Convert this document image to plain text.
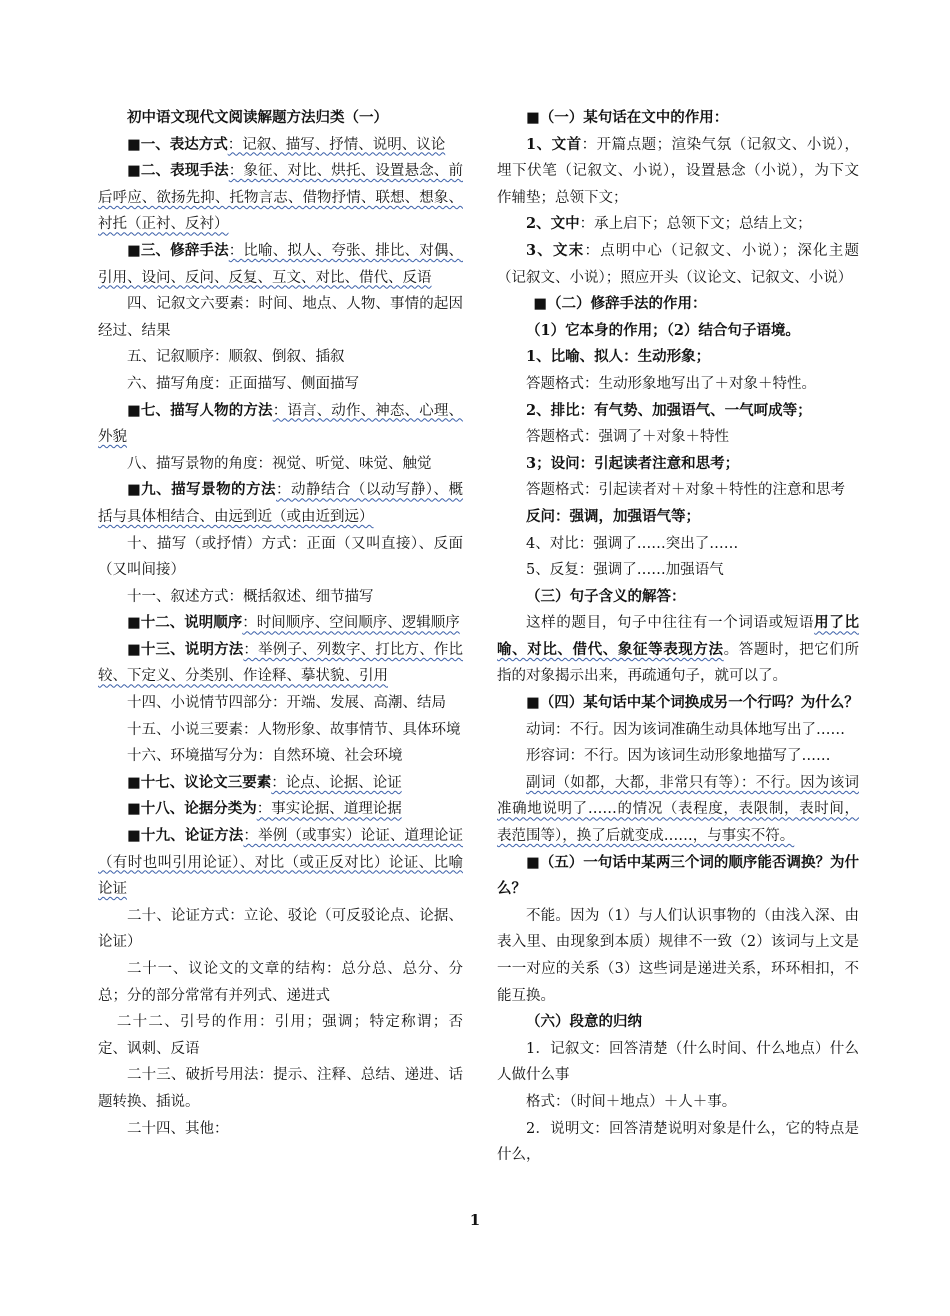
初中语文现代文阅读解题方法归类（一）

■一、表达方式：记叙、描写、抒情、说明、议论

■二、表现手法：象征、对比、烘托、设置悬念、前后呼应、欲扬先抑、托物言志、借物抒情、联想、想象、衬托（正衬、反衬）

■三、修辞手法：比喻、拟人、夸张、排比、对偶、引用、设问、反问、反复、互文、对比、借代、反语

四、记叙文六要素：时间、地点、人物、事情的起因经过、结果

五、记叙顺序：顺叙、倒叙、插叙

六、描写角度：正面描写、侧面描写

■七、描写人物的方法：语言、动作、神态、心理、外貌

八、描写景物的角度：视觉、听觉、味觉、触觉

■九、描写景物的方法：动静结合（以动写静）、概括与具体相结合、由远到近（或由近到远）

十、描写（或抒情）方式：正面（又叫直接）、反面（又叫间接）

十一、叙述方式：概括叙述、细节描写

■十二、说明顺序：时间顺序、空间顺序、逻辑顺序

■十三、说明方法：举例子、列数字、打比方、作比较、下定义、分类别、作诠释、摹状貌、引用

十四、小说情节四部分：开端、发展、高潮、结局

十五、小说三要素：人物形象、故事情节、具体环境

十六、环境描写分为：自然环境、社会环境

■十七、议论文三要素：论点、论据、论证

■十八、论据分类为：事实论据、道理论据

■十九、论证方法：举例（或事实）论证、道理论证（有时也叫引用论证）、对比（或正反对比）论证、比喻论证

二十、论证方式：立论、驳论（可反驳论点、论据、论证）

二十一、议论文的文章的结构：总分总、总分、分总；分的部分常常有并列式、递进式

二十二、引号的作用：引用；强调；特定称谓；否定、讽刺、反语

二十三、破折号用法：提示、注释、总结、递进、话题转换、插说。

二十四、其他：

■（一）某句话在文中的作用：

1、文首：开篇点题；渲染气氛（记叙文、小说），埋下伏笔（记叙文、小说），设置悬念（小说），为下文作辅垫；总领下文；

2、文中：承上启下；总领下文；总结上文；

3、文末：点明中心（记叙文、小说）；深化主题（记叙文、小说）；照应开头（议论文、记叙文、小说）

■（二）修辞手法的作用：

（1）它本身的作用；（2）结合句子语境。

1、比喻、拟人：生动形象；

答题格式：生动形象地写出了＋对象＋特性。

2、排比：有气势、加强语气、一气呵成等；

答题格式：强调了＋对象＋特性

3；设问：引起读者注意和思考；

答题格式：引起读者对＋对象＋特性的注意和思考

反问：强调，加强语气等；

4、对比：强调了……突出了……

5、反复：强调了……加强语气

（三）句子含义的解答：

这样的题目，句子中往往有一个词语或短语用了比喻、对比、借代、象征等表现方法。答题时，把它们所指的对象揭示出来，再疏通句子，就可以了。

■（四）某句话中某个词换成另一个行吗？为什么？

动词：不行。因为该词准确生动具体地写出了……

形容词：不行。因为该词生动形象地描写了……

副词（如都，大都，非常只有等）：不行。因为该词准确地说明了……的情况（表程度，表限制，表时间，表范围等），换了后就变成……，与事实不符。

■（五）一句话中某两三个词的顺序能否调换？为什么？

不能。因为（1）与人们认识事物的（由浅入深、由表入里、由现象到本质）规律不一致（2）该词与上文是一一对应的关系（3）这些词是递进关系，环环相扣，不能互换。

（六）段意的归纳

1．记叙文：回答清楚（什么时间、什么地点）什么人做什么事

格式：（时间＋地点）＋人＋事。

2．说明文：回答清楚说明对象是什么，它的特点是什么，

1
